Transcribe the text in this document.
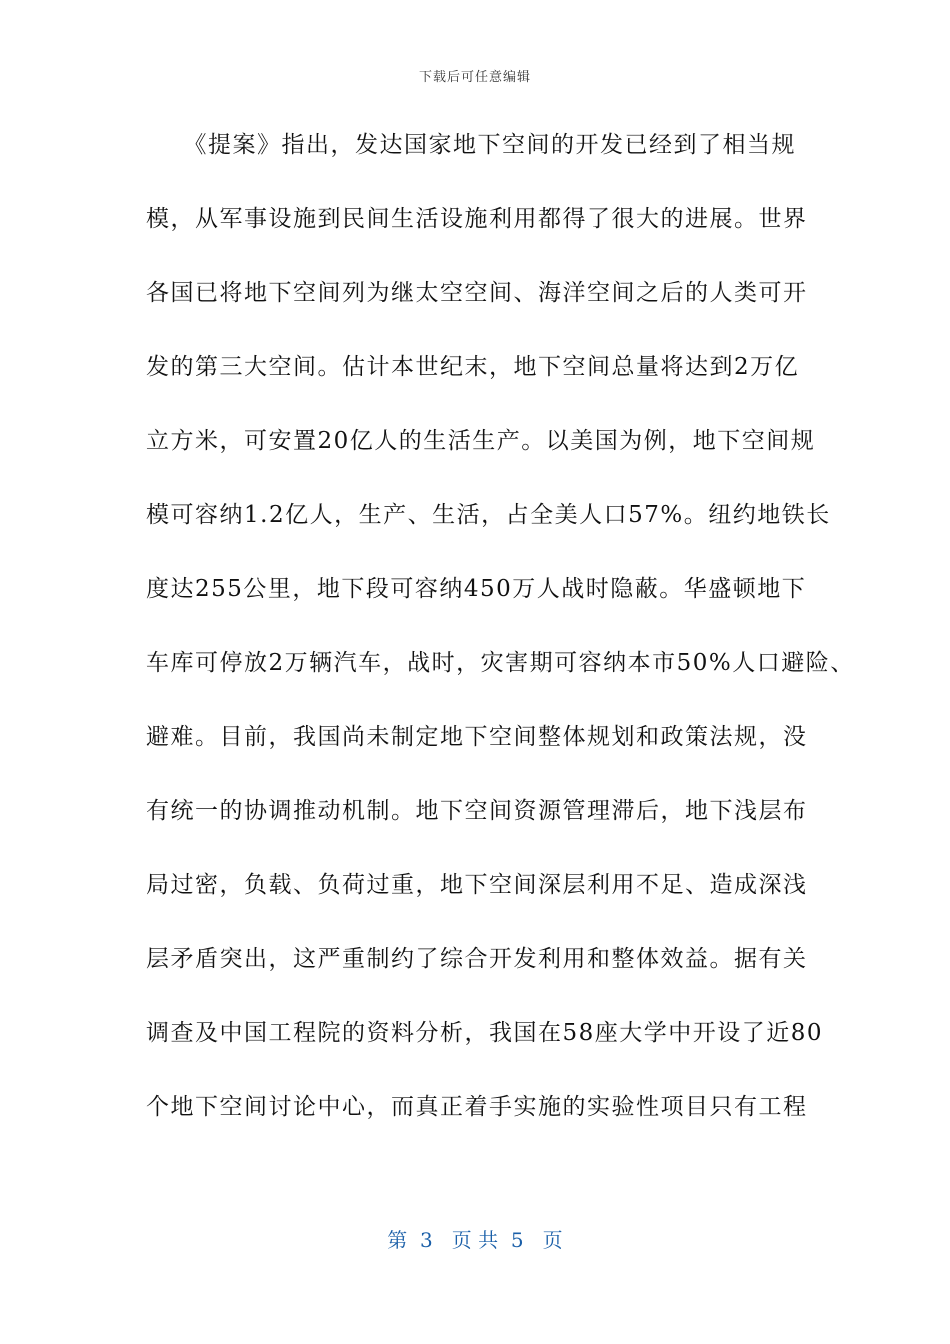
下载后可任意编辑
　　《提案》指出，发达国家地下空间的开发已经到了相当规
模，从军事设施到民间生活设施利用都得了很大的进展。世界
各国已将地下空间列为继太空空间、海洋空间之后的人类可开
发的第三大空间。估计本世纪末，地下空间总量将达到2万亿
立方米，可安置20亿人的生活生产。以美国为例，地下空间规
模可容纳1.2亿人，生产、生活，占全美人口57%。纽约地铁长
度达255公里，地下段可容纳450万人战时隐蔽。华盛顿地下
车库可停放2万辆汽车，战时，灾害期可容纳本市50%人口避险、
避难。目前，我国尚未制定地下空间整体规划和政策法规，没
有统一的协调推动机制。地下空间资源管理滞后，地下浅层布
局过密，负载、负荷过重，地下空间深层利用不足、造成深浅
层矛盾突出，这严重制约了综合开发利用和整体效益。据有关
调查及中国工程院的资料分析，我国在58座大学中开设了近80
个地下空间讨论中心，而真正着手实施的实验性项目只有工程
第  3   页 共  5   页
